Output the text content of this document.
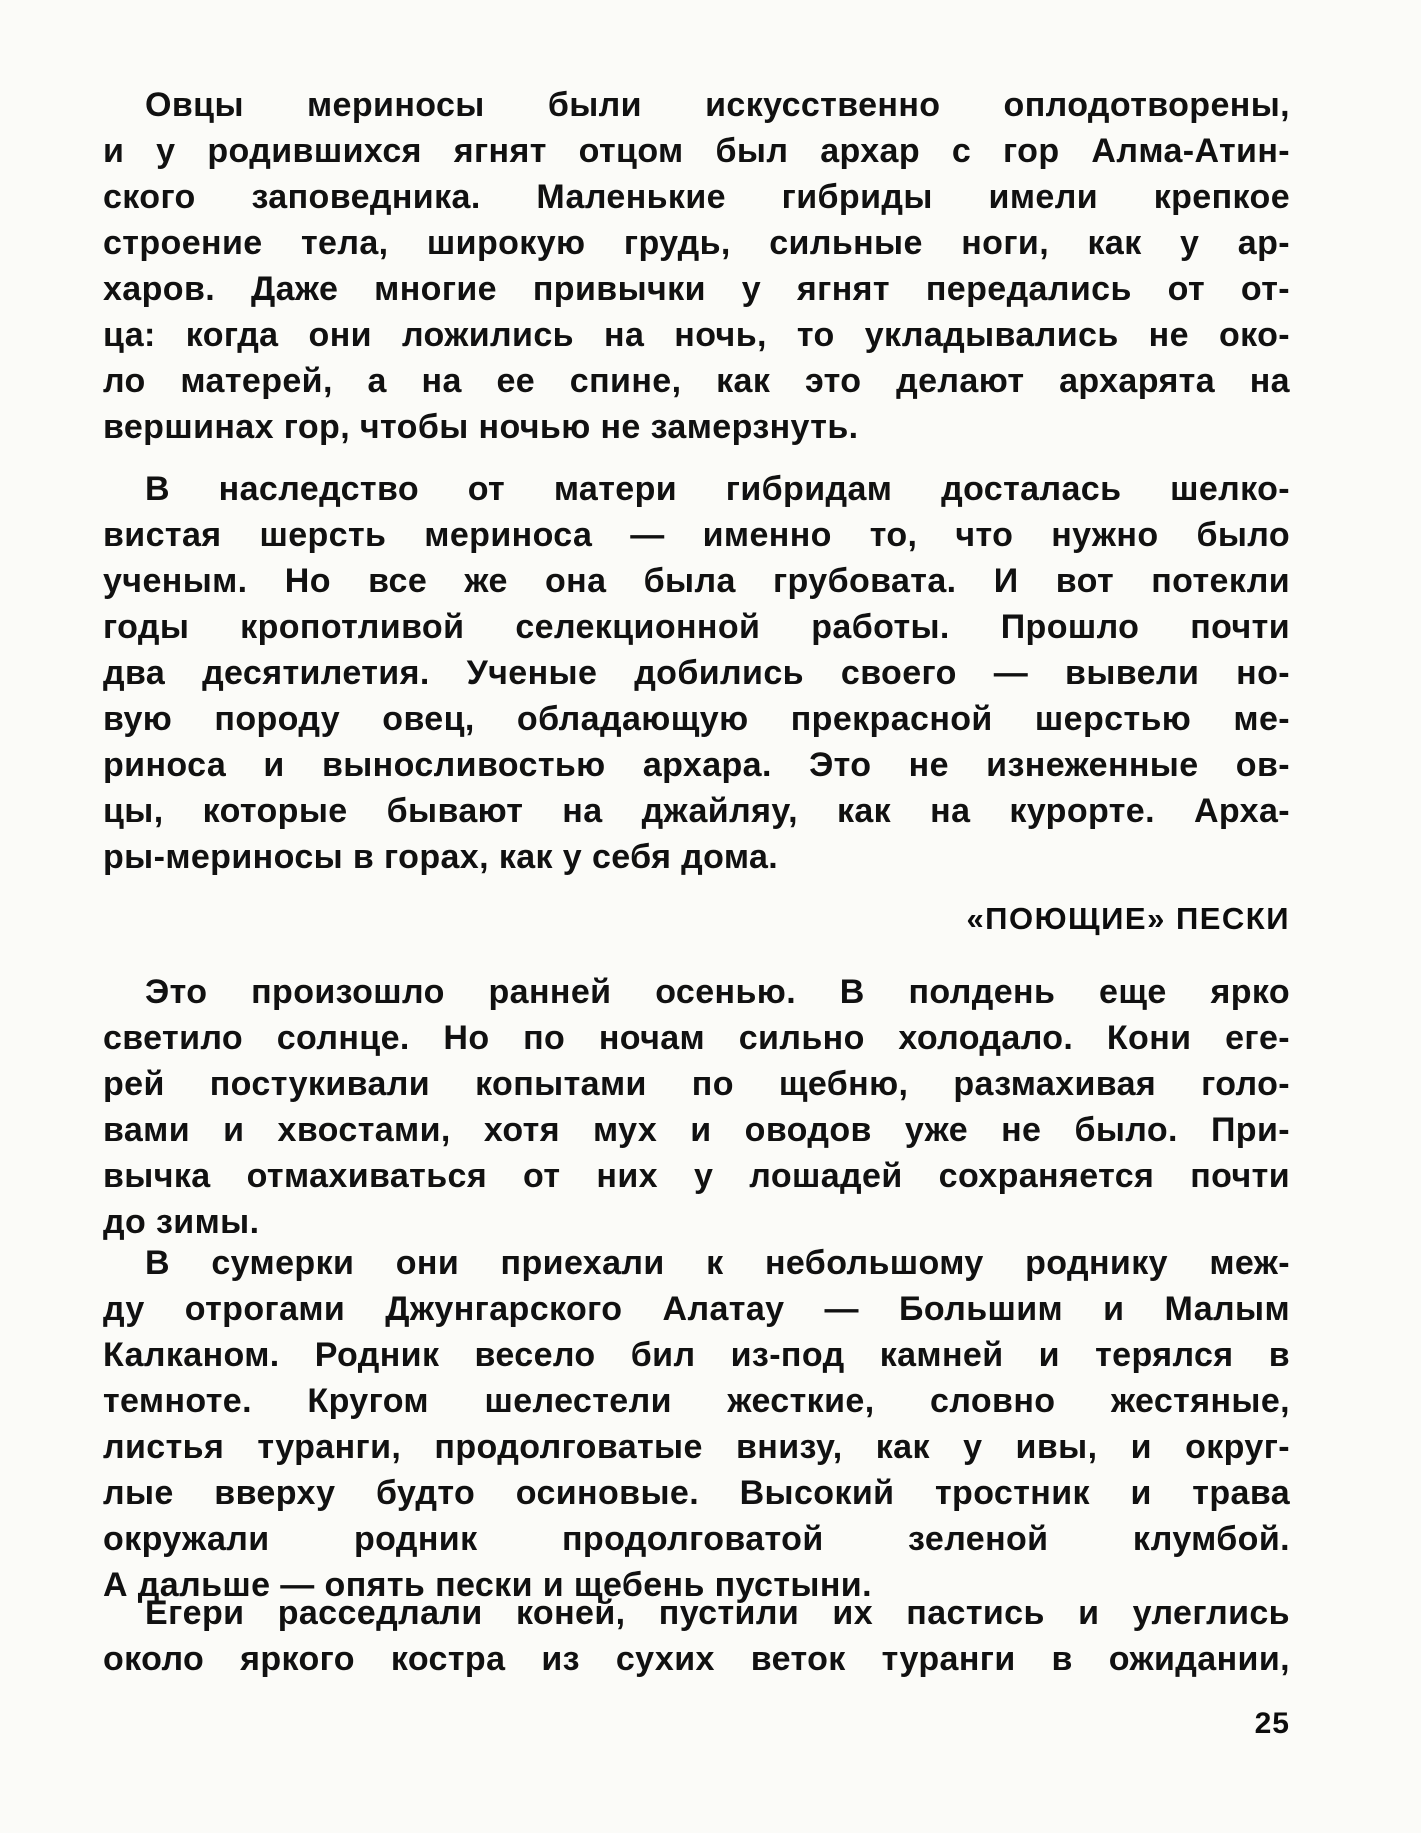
Овцы мериносы были искусственно оплодотворены,
и у родившихся ягнят отцом был архар с гор Алма-Атин-
ского заповедника. Маленькие гибриды имели крепкое
строение тела, широкую грудь, сильные ноги, как у ар-
харов. Даже многие привычки у ягнят передались от от-
ца: когда они ложились на ночь, то укладывались не око-
ло матерей, а на ее спине, как это делают архарята на
вершинах гор, чтобы ночью не замерзнуть.
В наследство от матери гибридам досталась шелко-
вистая шерсть мериноса — именно то, что нужно было
ученым. Но все же она была грубовата. И вот потекли
годы кропотливой селекционной работы. Прошло почти
два десятилетия. Ученые добились своего — вывели но-
вую породу овец, обладающую прекрасной шерстью ме-
риноса и выносливостью архара. Это не изнеженные ов-
цы, которые бывают на джайляу, как на курорте. Арха-
ры-мериносы в горах, как у себя дома.
«ПОЮЩИЕ» ПЕСКИ
Это произошло ранней осенью. В полдень еще ярко
светило солнце. Но по ночам сильно холодало. Кони еге-
рей постукивали копытами по щебню, размахивая голо-
вами и хвостами, хотя мух и оводов уже не было. При-
вычка отмахиваться от них у лошадей сохраняется почти
до зимы.
В сумерки они приехали к небольшому роднику меж-
ду отрогами Джунгарского Алатау — Большим и Малым
Калканом. Родник весело бил из-под камней и терялся в
темноте. Кругом шелестели жесткие, словно жестяные,
листья туранги, продолговатые внизу, как у ивы, и округ-
лые вверху будто осиновые. Высокий тростник и трава
окружали родник продолговатой зеленой клумбой.
А дальше — опять пески и щебень пустыни.
Егери расседлали коней, пустили их пастись и улеглись
около яркого костра из сухих веток туранги в ожидании,
25
